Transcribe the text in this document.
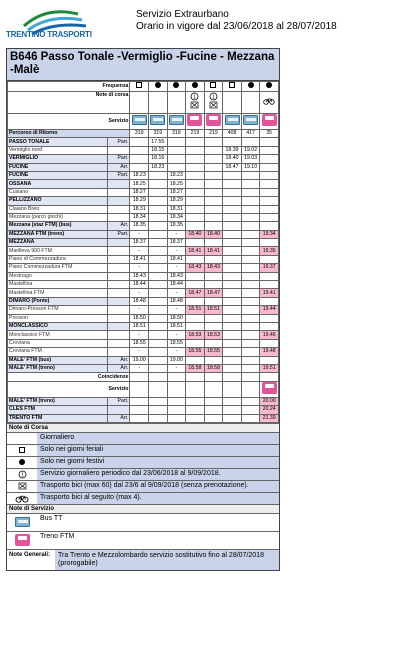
TRENTINO TRASPORTI
Servizio Extraurbano
Orario in vigore dal 23/06/2018 al 28/07/2018
B646 Passo Tonale -Vermiglio -Fucine - Mezzana -Malè
Frequenza									
Note di corsa					1	1

Servizio									
Percorso di Ritorno		319	319	319	219	219	408	417	35
PASSO TONALE	Part.		17.55						
Vermiglio nord			18.15				18.39	19.02	
VERMIGLIO	Part.		18.16				18.40	19.03	
FUCINE	Arr.		18.23				18.47	19.10	
FUCINE	Part.	18.23		18.23					
OSSANA		18.25		18.25					
Cusiano		18.27		18.27					
PELLIZZANO		18.29		18.29					
Claiano Bivio		18.31		18.31					
Mezzana (parco giochi)		18.34		18.34					
Mezzana (staz FTM) (bus)	Arr.	18.35		18.35					
MEZZANA FTM (treno)	Part.	-		-	18.40	18.40			19.34
MEZZANA		18.37		18.37					
Marilleva 900 FTM		-		-	18.41	18.41			19.35
Piano di Commezzadura		18.41		18.41					
Piano Commezzadura FTM		-		-	18.43	18.43			19.37
Mestriago		18.43		18.43					
Mastellina		18.44		18.44					
Mastellina FTM		-		-	18.47	18.47			19.41
DIMARO (Ponte)		18.48		18.48					
Dimaro-Presson FTM		-		-	18.51	18.51			19.44
Presson		18.50		18.50					
MONCLASSICO		18.51		18.51					
Monclassico FTM		-		-	18.53	18.53			19.46
Croviana		18.55		18.55					
Croviana FTM		-		-	18.55	18.55			19.48
MALE' FTM (bus)	Arr.	19.00		19.00					
MALE' FTM (treno)	Arr.	-		-	18.58	18.58			19.51
Coincidenze									
Servizio									
MALE' FTM (treno)	Part.								20.00
CLES FTM									20.24
TRENTO FTM	Arr.								21.39
Note di Corsa
Giornaliero
Solo nei giorni feriali
Solo nei giorni festivi
1	Servizio giornaliero periodico dal 23/06/2018 al 9/09/2018.
Trasporto bici (max 60) dal 23/6 al 9/09/2018 (senza prenotazione).
Trasporto bici al seguito (max 4).
Note di Servizio
Bus TT
Treno FTM
Note Generali:	Tra Trento e Mezzolombardo servizio sostitutivo fino al 28/07/2018 (prorogabile)
